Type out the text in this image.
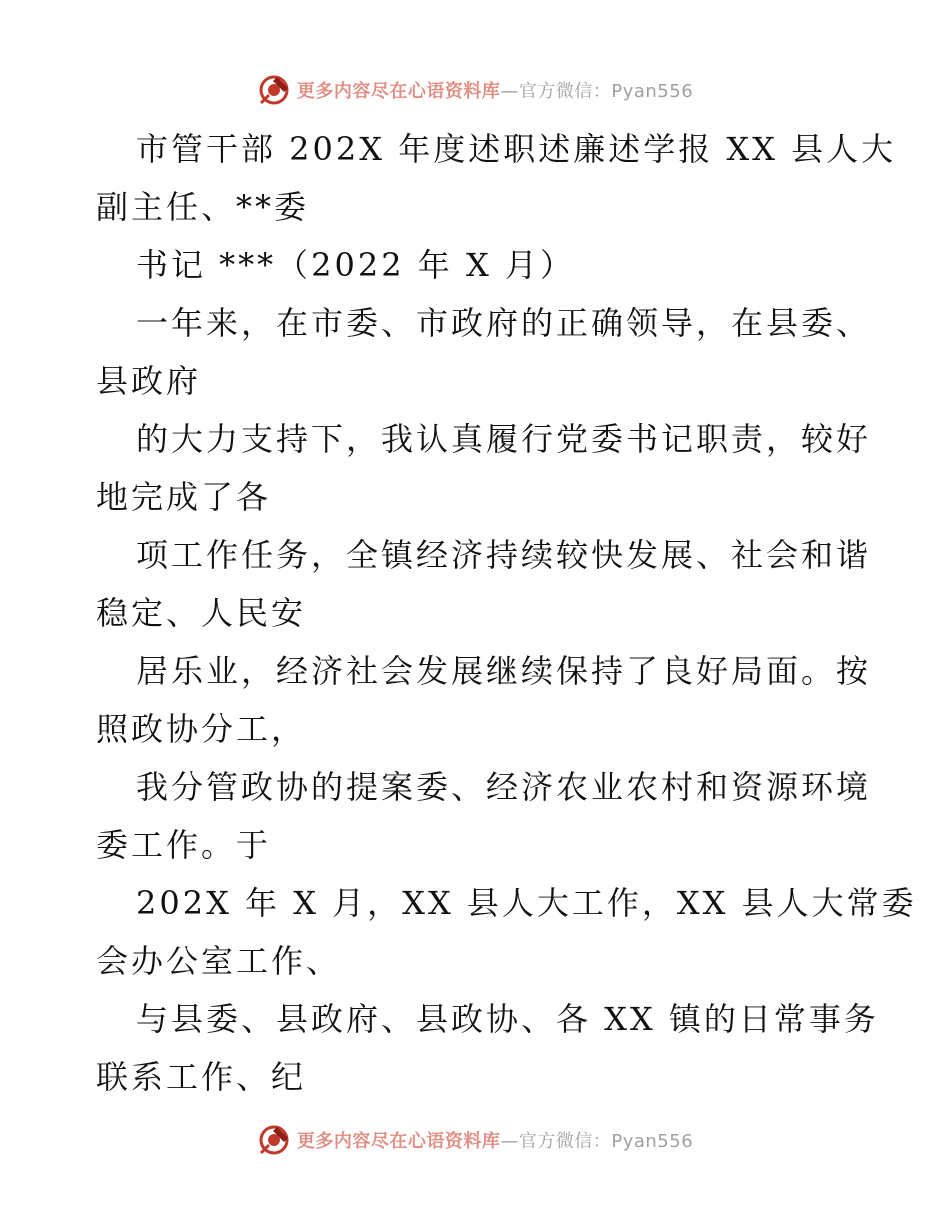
更多内容尽在心语资料库—官方微信：Pyan556
市管干部 202X 年度述职述廉述学报 XX 县人大
副主任、**委
书记 ***（2022 年 X 月）
一年来，在市委、市政府的正确领导，在县委、
县政府
的大力支持下，我认真履行党委书记职责，较好
地完成了各
项工作任务，全镇经济持续较快发展、社会和谐
稳定、人民安
居乐业，经济社会发展继续保持了良好局面。按
照政协分工，
我分管政协的提案委、经济农业农村和资源环境
委工作。于
202X 年 X 月，XX 县人大工作，XX 县人大常委
会办公室工作、
与县委、县政府、县政协、各 XX 镇的日常事务
联系工作、纪
更多内容尽在心语资料库—官方微信：Pyan556
